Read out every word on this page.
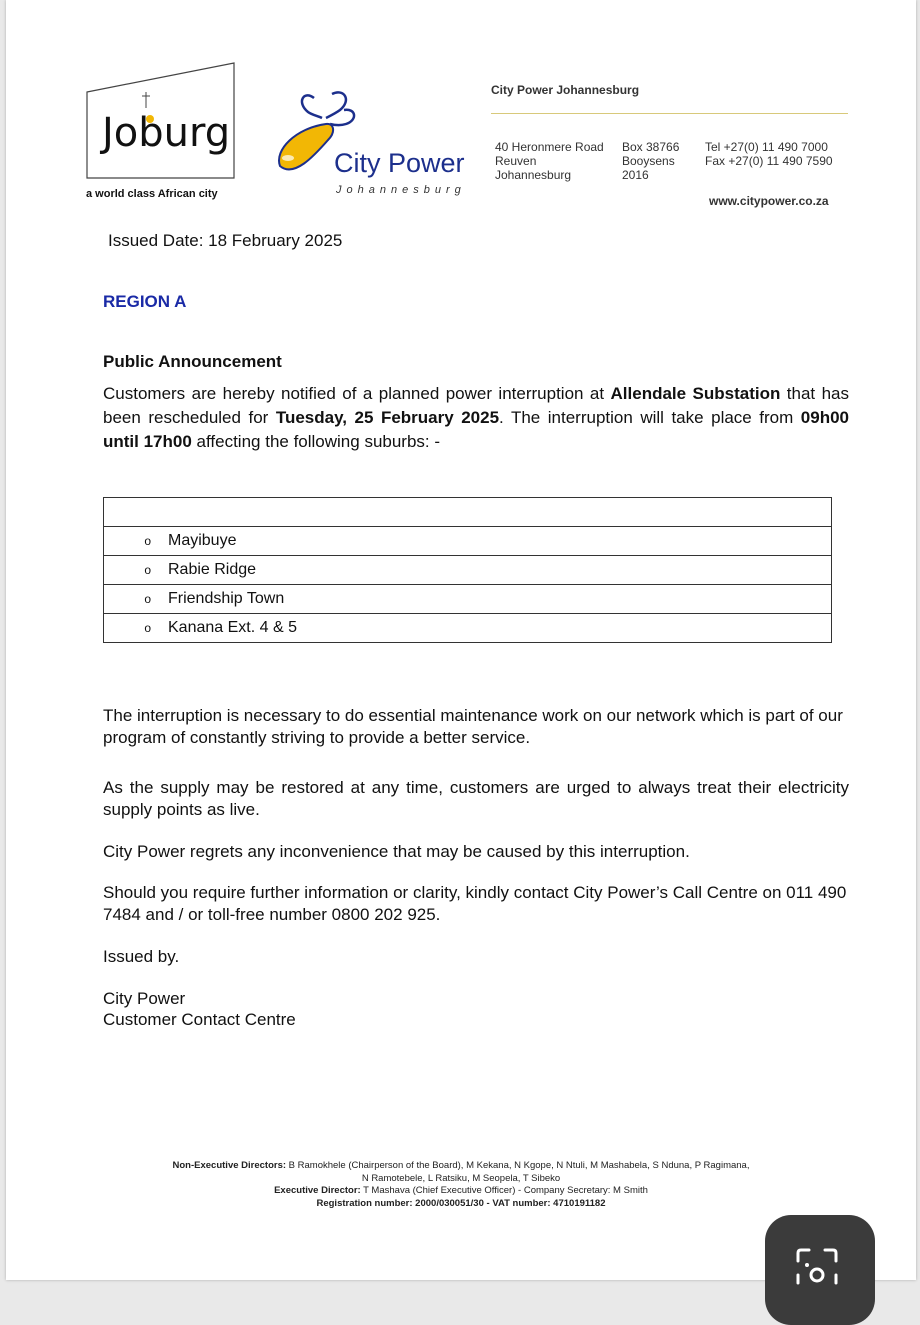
Joburg
a world class African city
City Power
Johannesburg
City Power Johannesburg
40 Heronmere Road
Reuven
Johannesburg
Box 38766
Booysens
2016
Tel +27(0) 11 490 7000
Fax +27(0) 11 490 7590
www.citypower.co.za
Issued Date: 18 February 2025
REGION A
Public Announcement
Customers are hereby notified of a planned power interruption at Allendale Substation that has been rescheduled for Tuesday, 25 February 2025. The interruption will take place from 09h00 until 17h00 affecting the following suburbs: -

o Mayibuye
o Rabie Ridge
o Friendship Town
o Kanana Ext. 4 & 5
The interruption is necessary to do essential maintenance work on our network which is part of our program of constantly striving to provide a better service.
As the supply may be restored at any time, customers are urged to always treat their electricity supply points as live.
City Power regrets any inconvenience that may be caused by this interruption.
Should you require further information or clarity, kindly contact City Power’s Call Centre on 011 490 7484 and / or toll-free number 0800 202 925.
Issued by.
City Power
Customer Contact Centre
Non-Executive Directors: B Ramokhele (Chairperson of the Board), M Kekana, N Kgope, N Ntuli, M Mashabela, S Nduna, P Ragimana,
N Ramotebele, L Ratsiku, M Seopela, T Sibeko
Executive Director: T Mashava (Chief Executive Officer) - Company Secretary: M Smith
Registration number: 2000/030051/30 - VAT number: 4710191182
